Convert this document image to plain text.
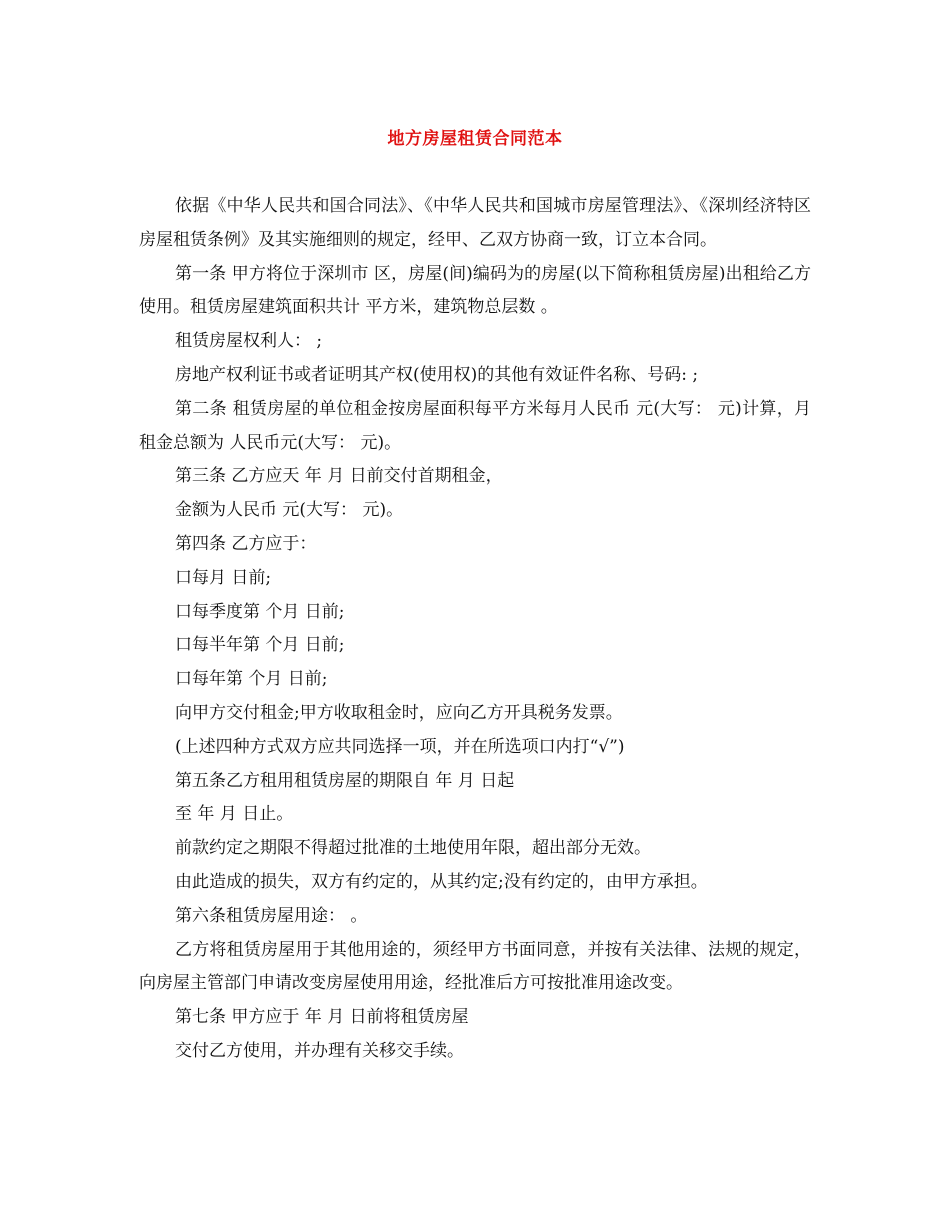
地方房屋租赁合同范本

依据《中华人民共和国合同法》、《中华人民共和国城市房屋管理法》、《深圳经济特区房屋租赁条例》及其实施细则的规定，经甲、乙双方协商一致，订立本合同。

第一条 甲方将位于深圳市 区，房屋(间)编码为的房屋(以下简称租赁房屋)出租给乙方使用。租赁房屋建筑面积共计 平方米，建筑物总层数 。

租赁房屋权利人： ;

房地产权利证书或者证明其产权(使用权)的其他有效证件名称、号码: ;

第二条 租赁房屋的单位租金按房屋面积每平方米每月人民币 元(大写： 元)计算，月租金总额为 人民币元(大写： 元)。

第三条 乙方应天 年 月 日前交付首期租金，

金额为人民币 元(大写： 元)。

第四条 乙方应于：

口每月 日前;

口每季度第 个月 日前;

口每半年第 个月 日前;

口每年第 个月 日前;

向甲方交付租金;甲方收取租金时，应向乙方开具税务发票。

(上述四种方式双方应共同选择一项，并在所选项口内打“√”)

第五条乙方租用租赁房屋的期限自 年 月 日起

至 年 月 日止。

前款约定之期限不得超过批准的土地使用年限，超出部分无效。

由此造成的损失，双方有约定的，从其约定;没有约定的，由甲方承担。

第六条租赁房屋用途： 。

乙方将租赁房屋用于其他用途的，须经甲方书面同意，并按有关法律、法规的规定，向房屋主管部门申请改变房屋使用用途，经批准后方可按批准用途改变。

第七条 甲方应于 年 月 日前将租赁房屋

交付乙方使用，并办理有关移交手续。
